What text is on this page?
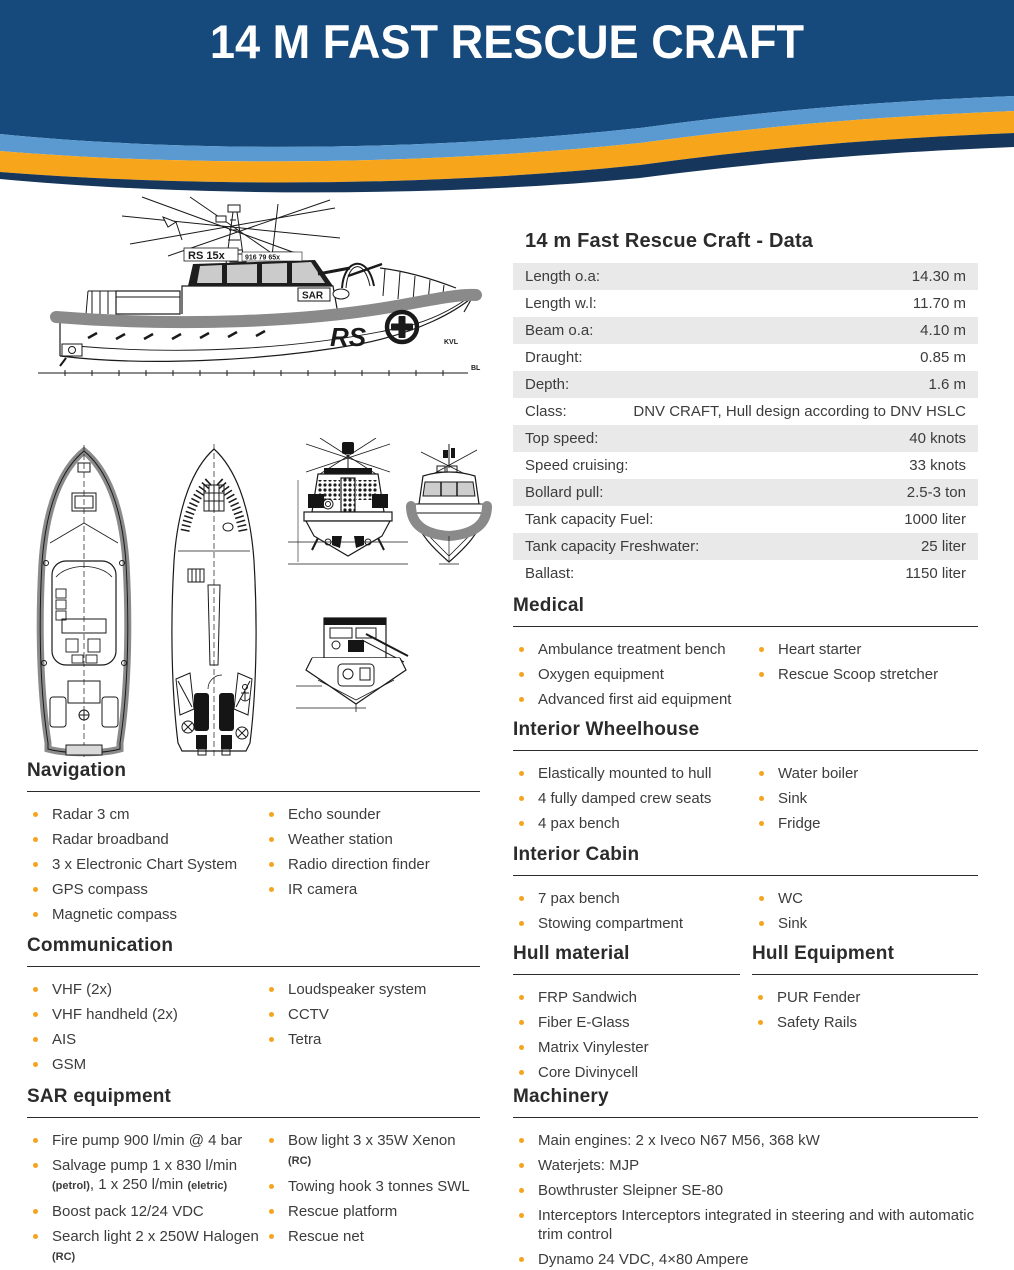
14 M FAST RESCUE CRAFT
RS 15x	916 79 65x
SAR
RS	KVL
BL
14 m Fast Rescue Craft - Data
Length o.a:	14.30 m
Length w.l:	11.70 m
Beam o.a:	4.10 m
Draught:	0.85 m
Depth:	1.6 m
Class:	DNV CRAFT, Hull design according to DNV HSLC
Top speed:	40 knots
Speed cruising:	33 knots
Bollard pull:	2.5-3 ton
Tank capacity Fuel:	1000 liter
Tank capacity Freshwater:	25 liter
Ballast:	1150 liter
Medical
Ambulance treatment bench
Oxygen equipment
Advanced first aid equipment
Heart starter
Rescue Scoop stretcher
Interior Wheelhouse
Elastically mounted to hull
4 fully damped crew seats
4 pax bench
Water boiler
Sink
Fridge
Interior Cabin
7 pax bench
Stowing compartment
WC
Sink
Hull material
FRP Sandwich
Fiber E-Glass
Matrix Vinylester
Core Divinycell
Hull Equipment
PUR Fender
Safety Rails
Machinery
Main engines: 2 x Iveco N67 M56, 368 kW
Waterjets: MJP
Bowthruster Sleipner SE-80
Interceptors Interceptors integrated in steering and with automatic trim control
Dynamo 24 VDC, 4×80 Ampere
Navigation
Radar 3 cm
Radar broadband
3 x Electronic Chart System
GPS compass
Magnetic compass
Echo sounder
Weather station
Radio direction finder
IR camera
Communication
VHF (2x)
VHF handheld (2x)
AIS
GSM
Loudspeaker system
CCTV
Tetra
SAR equipment
Fire pump 900 l/min @ 4 bar
Salvage pump 1 x 830 l/min (petrol), 1 x 250 l/min (eletric)
Boost pack 12/24 VDC
Search light 2 x 250W Halogen (RC)
Bow light 3 x 35W Xenon (RC)
Towing hook 3 tonnes SWL
Rescue platform
Rescue net
